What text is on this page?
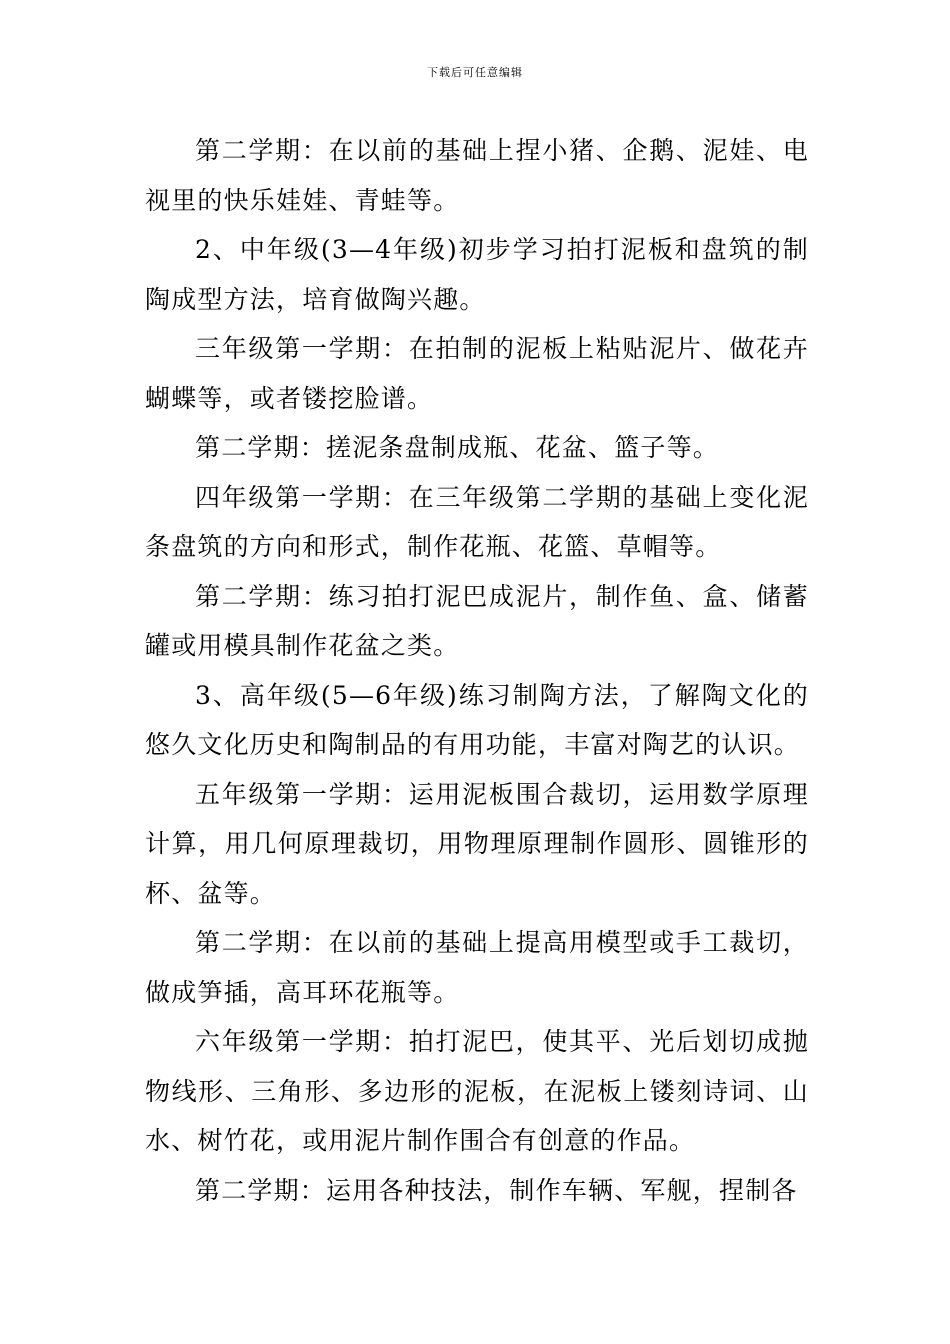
下载后可任意编辑

第二学期：在以前的基础上捏小猪、企鹅、泥娃、电视里的快乐娃娃、青蛙等。

2、中年级(3—4年级)初步学习拍打泥板和盘筑的制陶成型方法，培育做陶兴趣。

三年级第一学期：在拍制的泥板上粘贴泥片、做花卉蝴蝶等，或者镂挖脸谱。

第二学期：搓泥条盘制成瓶、花盆、篮子等。

四年级第一学期：在三年级第二学期的基础上变化泥条盘筑的方向和形式，制作花瓶、花篮、草帽等。

第二学期：练习拍打泥巴成泥片，制作鱼、盒、储蓄罐或用模具制作花盆之类。

3、高年级(5—6年级)练习制陶方法，了解陶文化的悠久文化历史和陶制品的有用功能，丰富对陶艺的认识。

五年级第一学期：运用泥板围合裁切，运用数学原理计算，用几何原理裁切，用物理原理制作圆形、圆锥形的杯、盆等。

第二学期：在以前的基础上提高用模型或手工裁切，做成笋插，高耳环花瓶等。

六年级第一学期：拍打泥巴，使其平、光后划切成抛物线形、三角形、多边形的泥板，在泥板上镂刻诗词、山水、树竹花，或用泥片制作围合有创意的作品。

第二学期：运用各种技法，制作车辆、军舰，捏制各
